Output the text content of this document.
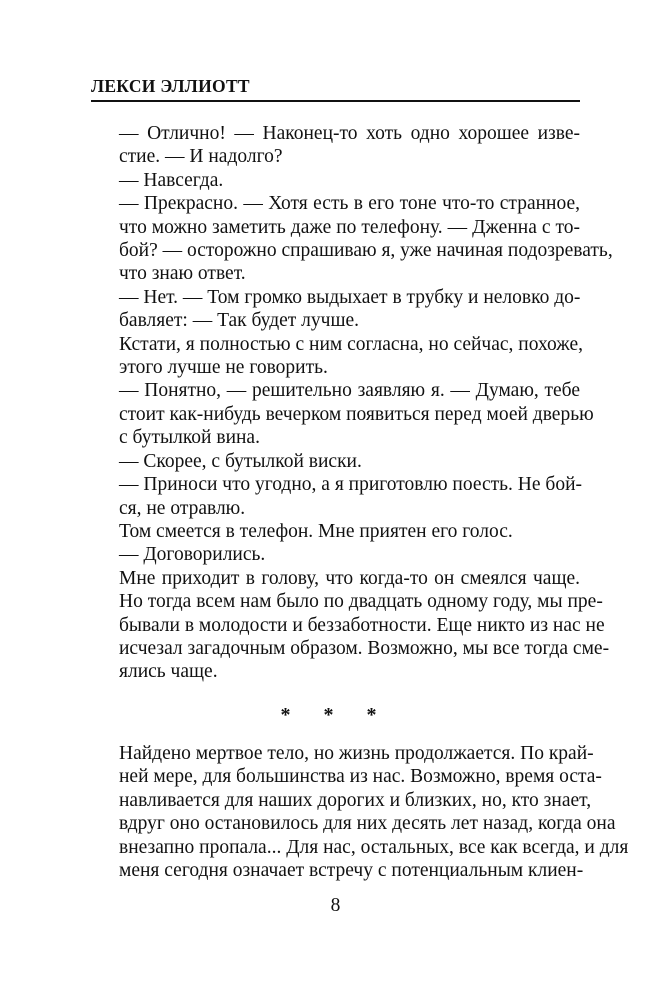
ЛЕКСИ ЭЛЛИОТТ

— Отлично! — Наконец-то хоть одно хорошее изве-
стие. — И надолго?

— Навсегда.

— Прекрасно. — Хотя есть в его тоне что-то странное,
что можно заметить даже по телефону. — Дженна с то-
бой? — осторожно спрашиваю я, уже начиная подозревать,
что знаю ответ.

— Нет. — Том громко выдыхает в трубку и неловко до-
бавляет: — Так будет лучше.

Кстати, я полностью с ним согласна, но сейчас, похоже,
этого лучше не говорить.

— Понятно, — решительно заявляю я. — Думаю, тебе
стоит как-нибудь вечерком появиться перед моей дверью
с бутылкой вина.

— Скорее, с бутылкой виски.

— Приноси что угодно, а я приготовлю поесть. Не бой-
ся, не отравлю.

Том смеется в телефон. Мне приятен его голос.

— Договорились.

Мне приходит в голову, что когда-то он смеялся чаще.
Но тогда всем нам было по двадцать одному году, мы пре-
бывали в молодости и беззаботности. Еще никто из нас не
исчезал загадочным образом. Возможно, мы все тогда сме-
ялись чаще.

* * *

Найдено мертвое тело, но жизнь продолжается. По край-
ней мере, для большинства из нас. Возможно, время оста-
навливается для наших дорогих и близких, но, кто знает,
вдруг оно остановилось для них десять лет назад, когда она
внезапно пропала... Для нас, остальных, все как всегда, и для
меня сегодня означает встречу с потенциальным клиен-

8
